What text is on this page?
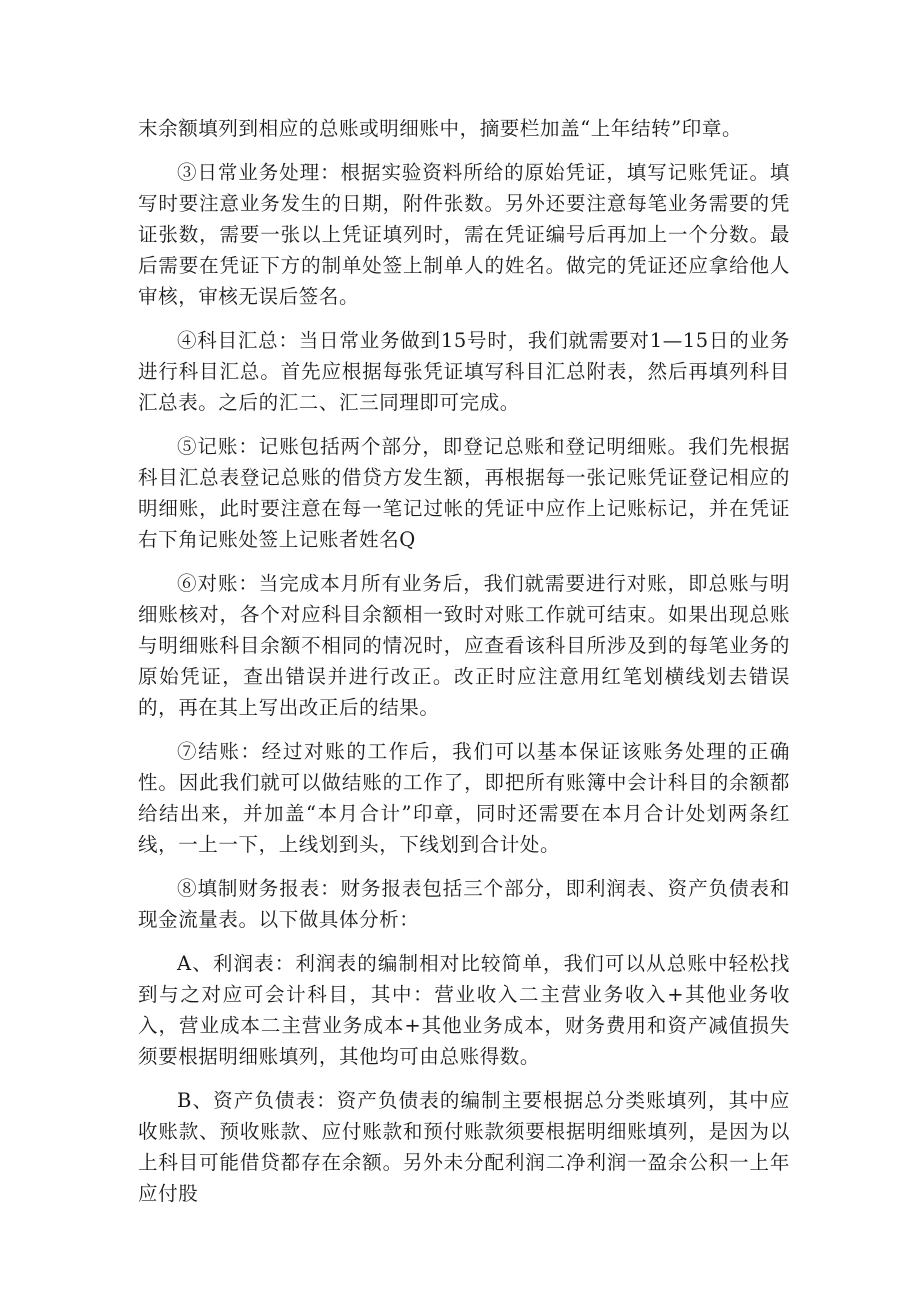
末余额填列到相应的总账或明细账中，摘要栏加盖“上年结转”印章。

③日常业务处理：根据实验资料所给的原始凭证，填写记账凭证。填写时要注意业务发生的日期，附件张数。另外还要注意每笔业务需要的凭证张数，需要一张以上凭证填列时，需在凭证编号后再加上一个分数。最后需要在凭证下方的制单处签上制单人的姓名。做完的凭证还应拿给他人审核，审核无误后签名。

④科目汇总：当日常业务做到15号时，我们就需要对1—15日的业务进行科目汇总。首先应根据每张凭证填写科目汇总附表，然后再填列科目汇总表。之后的汇二、汇三同理即可完成。

⑤记账：记账包括两个部分，即登记总账和登记明细账。我们先根据科目汇总表登记总账的借贷方发生额，再根据每一张记账凭证登记相应的明细账，此时要注意在每一笔记过帐的凭证中应作上记账标记，并在凭证右下角记账处签上记账者姓名Q

⑥对账：当完成本月所有业务后，我们就需要进行对账，即总账与明细账核对，各个对应科目余额相一致时对账工作就可结束。如果出现总账与明细账科目余额不相同的情况时，应查看该科目所涉及到的每笔业务的原始凭证，查出错误并进行改正。改正时应注意用红笔划横线划去错误的，再在其上写出改正后的结果。

⑦结账：经过对账的工作后，我们可以基本保证该账务处理的正确性。因此我们就可以做结账的工作了，即把所有账簿中会计科目的余额都给结出来，并加盖“本月合计”印章，同时还需要在本月合计处划两条红线，一上一下，上线划到头，下线划到合计处。

⑧填制财务报表：财务报表包括三个部分，即利润表、资产负债表和现金流量表。以下做具体分析：

A、利润表：利润表的编制相对比较简单，我们可以从总账中轻松找到与之对应可会计科目，其中：营业收入二主营业务收入+其他业务收入，营业成本二主营业务成本+其他业务成本，财务费用和资产减值损失须要根据明细账填列，其他均可由总账得数。

B、资产负债表：资产负债表的编制主要根据总分类账填列，其中应收账款、预收账款、应付账款和预付账款须要根据明细账填列，是因为以上科目可能借贷都存在余额。另外未分配利润二净利润一盈余公积一上年应付股
